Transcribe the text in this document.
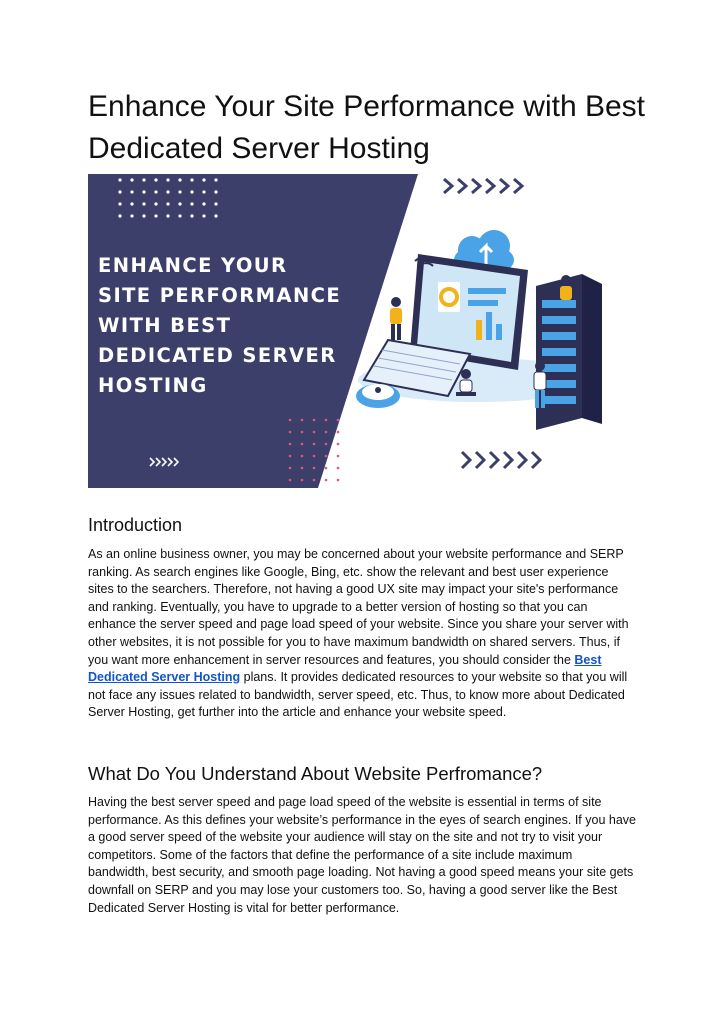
Enhance Your Site Performance with Best Dedicated Server Hosting
ENHANCE YOUR
SITE PERFORMANCE
WITH BEST
DEDICATED SERVER
HOSTING
Introduction

As an online business owner, you may be concerned about your website performance and SERP ranking. As search engines like Google, Bing, etc. show the relevant and best user experience sites to the searchers. Therefore, not having a good UX site may impact your site's performance and ranking. Eventually, you have to upgrade to a better version of hosting so that you can enhance the server speed and page load speed of your website. Since you share your server with other websites, it is not possible for you to have maximum bandwidth on shared servers. Thus, if you want more enhancement in server resources and features, you should consider the Best Dedicated Server Hosting plans. It provides dedicated resources to your website so that you will not face any issues related to bandwidth, server speed, etc. Thus, to know more about Dedicated Server Hosting, get further into the article and enhance your website speed.

What Do You Understand About Website Perfromance?

Having the best server speed and page load speed of the website is essential in terms of site performance. As this defines your website’s performance in the eyes of search engines. If you have a good server speed of the website your audience will stay on the site and not try to visit your competitors. Some of the factors that define the performance of a site include maximum bandwidth, best security, and smooth page loading. Not having a good speed means your site gets downfall on SERP and you may lose your customers too. So, having a good server like the Best Dedicated Server Hosting is vital for better performance.
